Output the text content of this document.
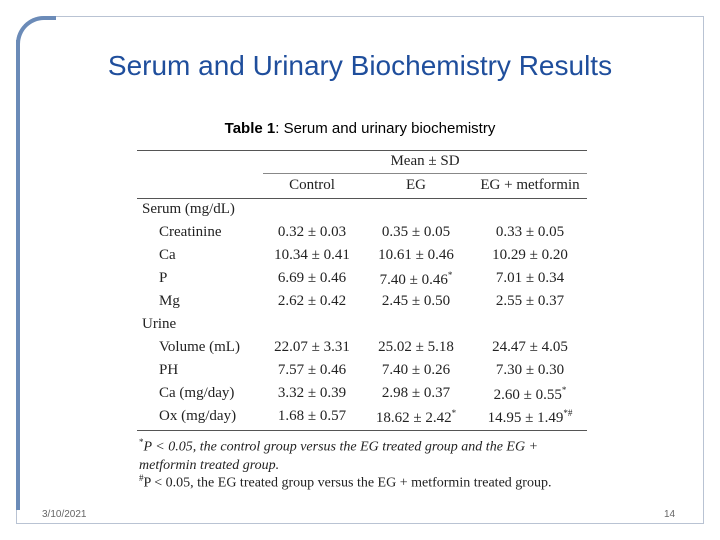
Serum and Urinary Biochemistry Results
Table 1: Serum and urinary biochemistry
Mean ± SD
Control	EG	EG + metformin
Serum (mg/dL)
Creatinine	0.32 ± 0.03	0.35 ± 0.05	0.33 ± 0.05
Ca	10.34 ± 0.41	10.61 ± 0.46	10.29 ± 0.20
P	6.69 ± 0.46	7.40 ± 0.46*	7.01 ± 0.34
Mg	2.62 ± 0.42	2.45 ± 0.50	2.55 ± 0.37
Urine
Volume (mL)	22.07 ± 3.31	25.02 ± 5.18	24.47 ± 4.05
PH	7.57 ± 0.46	7.40 ± 0.26	7.30 ± 0.30
Ca (mg/day)	3.32 ± 0.39	2.98 ± 0.37	2.60 ± 0.55*
Ox (mg/day)	1.68 ± 0.57	18.62 ± 2.42*	14.95 ± 1.49*#
*P < 0.05, the control group versus the EG treated group and the EG + metformin treated group.
#P < 0.05, the EG treated group versus the EG + metformin treated group.
3/10/2021	14
